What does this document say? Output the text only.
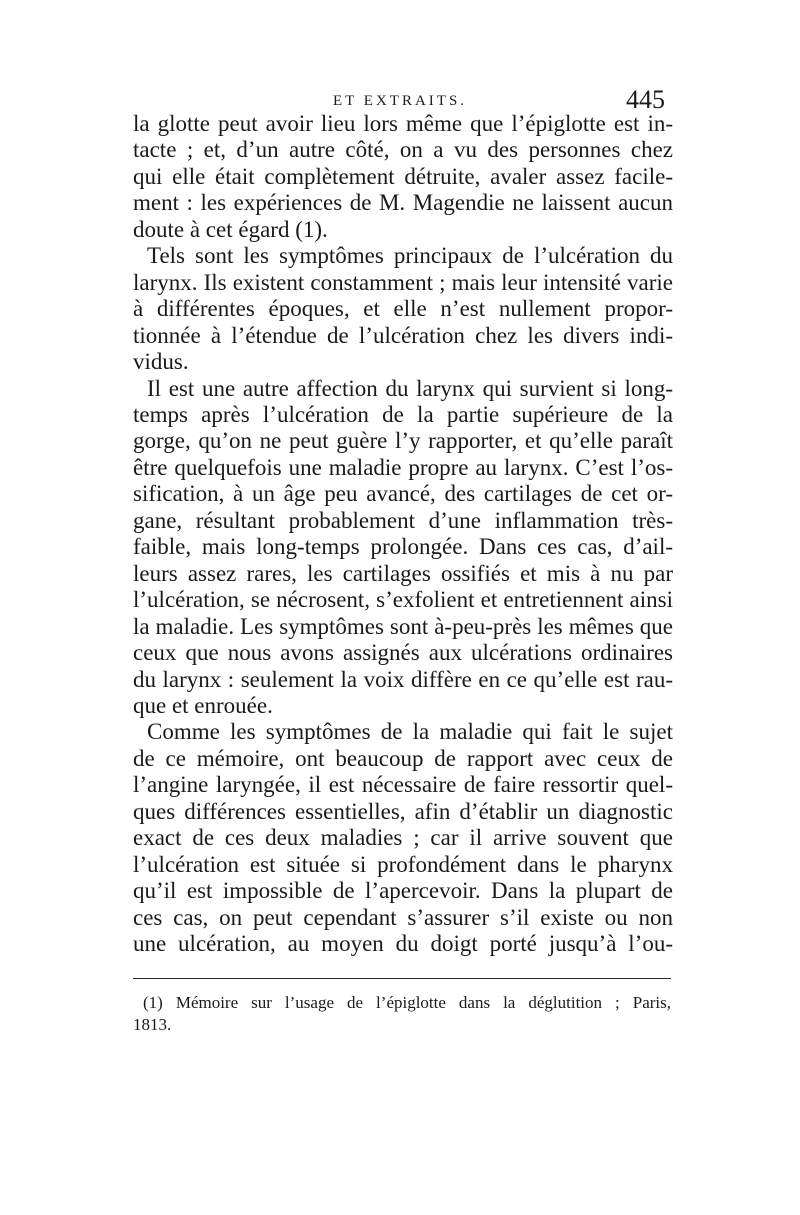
ET EXTRAITS.	445
la glotte peut avoir lieu lors même que l’épiglotte est in-
tacte ; et, d’un autre côté, on a vu des personnes chez
qui elle était complètement détruite, avaler assez facile-
ment : les expériences de M. Magendie ne laissent aucun
doute à cet égard (1).
Tels sont les symptômes principaux de l’ulcération du
larynx. Ils existent constamment ; mais leur intensité varie
à différentes époques, et elle n’est nullement propor-
tionnée à l’étendue de l’ulcération chez les divers indi-
vidus.
Il est une autre affection du larynx qui survient si long-
temps après l’ulcération de la partie supérieure de la
gorge, qu’on ne peut guère l’y rapporter, et qu’elle paraît
être quelquefois une maladie propre au larynx. C’est l’os-
sification, à un âge peu avancé, des cartilages de cet or-
gane, résultant probablement d’une inflammation très-
faible, mais long-temps prolongée. Dans ces cas, d’ail-
leurs assez rares, les cartilages ossifiés et mis à nu par
l’ulcération, se nécrosent, s’exfolient et entretiennent ainsi
la maladie. Les symptômes sont à-peu-près les mêmes que
ceux que nous avons assignés aux ulcérations ordinaires
du larynx : seulement la voix diffère en ce qu’elle est rau-
que et enrouée.
Comme les symptômes de la maladie qui fait le sujet
de ce mémoire, ont beaucoup de rapport avec ceux de
l’angine laryngée, il est nécessaire de faire ressortir quel-
ques différences essentielles, afin d’établir un diagnostic
exact de ces deux maladies ; car il arrive souvent que
l’ulcération est située si profondément dans le pharynx
qu’il est impossible de l’apercevoir. Dans la plupart de
ces cas, on peut cependant s’assurer s’il existe ou non
une ulcération, au moyen du doigt porté jusqu’à l’ou-
(1) Mémoire sur l’usage de l’épiglotte dans la déglutition ; Paris,
1813.
